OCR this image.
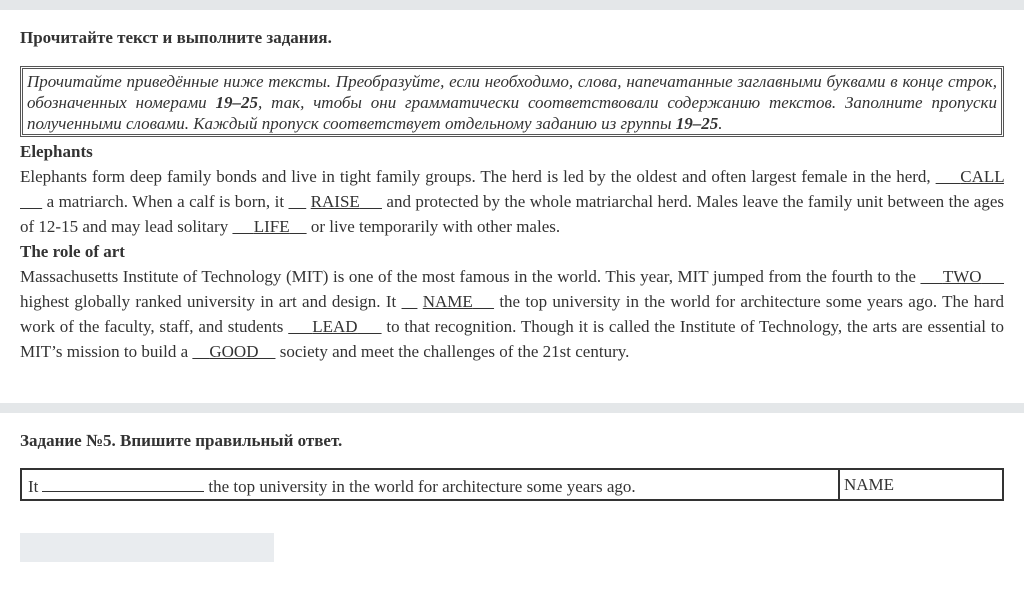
Прочитайте текст и выполните задания.
Прочитайте приведённые ниже тексты. Преобразуйте, если необходимо, слова, напечатанные заглавными буквами в конце строк, обозначенных номерами 19–25, так, чтобы они грамматически соответствовали содержанию текстов. Заполните пропуски полученными словами. Каждый пропуск соответствует отдельному заданию из группы 19–25.
Elephants
Elephants form deep family bonds and live in tight family groups. The herd is led by the oldest and often largest female in the herd,      CALL      a matriarch. When a calf is born, it      RAISE      and protected by the whole matriarchal herd. Males leave the family unit between the ages of 12-15 and may lead solitary      LIFE     or live temporarily with other males.
The role of art
Massachusetts Institute of Technology (MIT) is one of the most famous in the world. This year, MIT jumped from the fourth to the      TWO      highest globally ranked university in art and design. It     NAME     the top university in the world for architecture some years ago. The hard work of the faculty, staff, and students      LEAD      to that recognition. Though it is called the Institute of Technology, the arts are essential to MIT’s mission to build a     GOOD     society and meet the challenges of the 21st century.
Задание №5. Впишите правильный ответ.
It	the top university in the world for architecture some years ago.	NAME
